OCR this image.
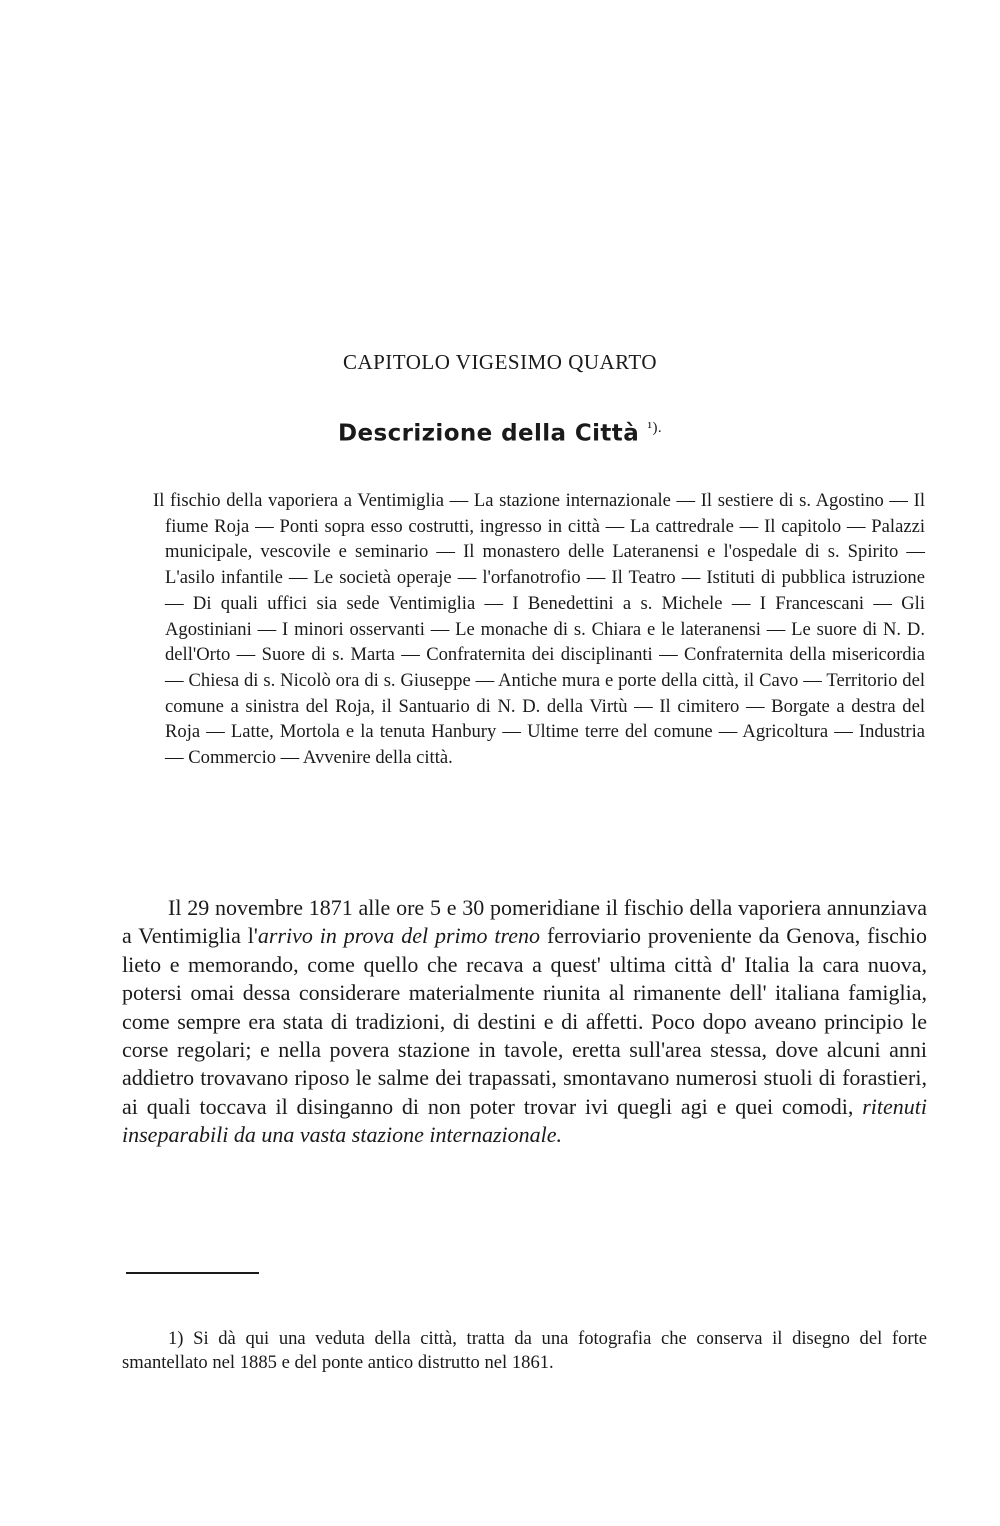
CAPITOLO VIGESIMO QUARTO
Descrizione della Città $^{^1).}$
Il fischio della vaporiera a Ventimiglia — La stazione internazionale — Il sestiere di s. Agostino — Il fiume Roja — Ponti sopra esso costrutti, ingresso in città — La cattredrale — Il capitolo — Palazzi municipale, vescovile e seminario — Il monastero delle Lateranensi e l'ospedale di s. Spirito — L'asilo infantile — Le società operaje — l'orfanotrofio — Il Teatro — Istituti di pubblica istruzione — Di quali uffici sia sede Ventimiglia — I Benedettini a s. Michele — I Francescani — Gli Agostiniani — I minori osservanti — Le monache di s. Chiara e le lateranensi — Le suore di N. D. dell'Orto — Suore di s. Marta — Confraternita dei disciplinanti — Confraternita della misericordia — Chiesa di s. Nicolò ora di s. Giuseppe — Antiche mura e porte della città, il Cavo — Territorio del comune a sinistra del Roja, il Santuario di N. D. della Virtù — Il cimitero — Borgate a destra del Roja — Latte, Mortola e la tenuta Hanbury — Ultime terre del comune — Agricoltura — Industria — Commercio — Avvenire della città.
Il 29 novembre 1871 alle ore 5 e 30 pomeridiane il fischio della vaporiera annunziava a Ventimiglia l'arrivo in prova del primo treno ferroviario proveniente da Genova, fischio lieto e memorando, come quello che recava a quest' ultima città d' Italia la cara nuova, potersi omai dessa considerare materialmente riunita al rimanente dell' italiana famiglia, come sempre era stata di tradizioni, di destini e di affetti. Poco dopo aveano principio le corse regolari; e nella povera stazione in tavole, eretta sull'area stessa, dove alcuni anni addietro trovavano riposo le salme dei trapassati, smontavano numerosi stuoli di forastieri, ai quali toccava il disinganno di non poter trovar ivi quegli agi e quei comodi, ritenuti inseparabili da una vasta stazione internazionale.
1) Si dà qui una veduta della città, tratta da una fotografia che conserva il disegno del forte smantellato nel 1885 e del ponte antico distrutto nel 1861.
